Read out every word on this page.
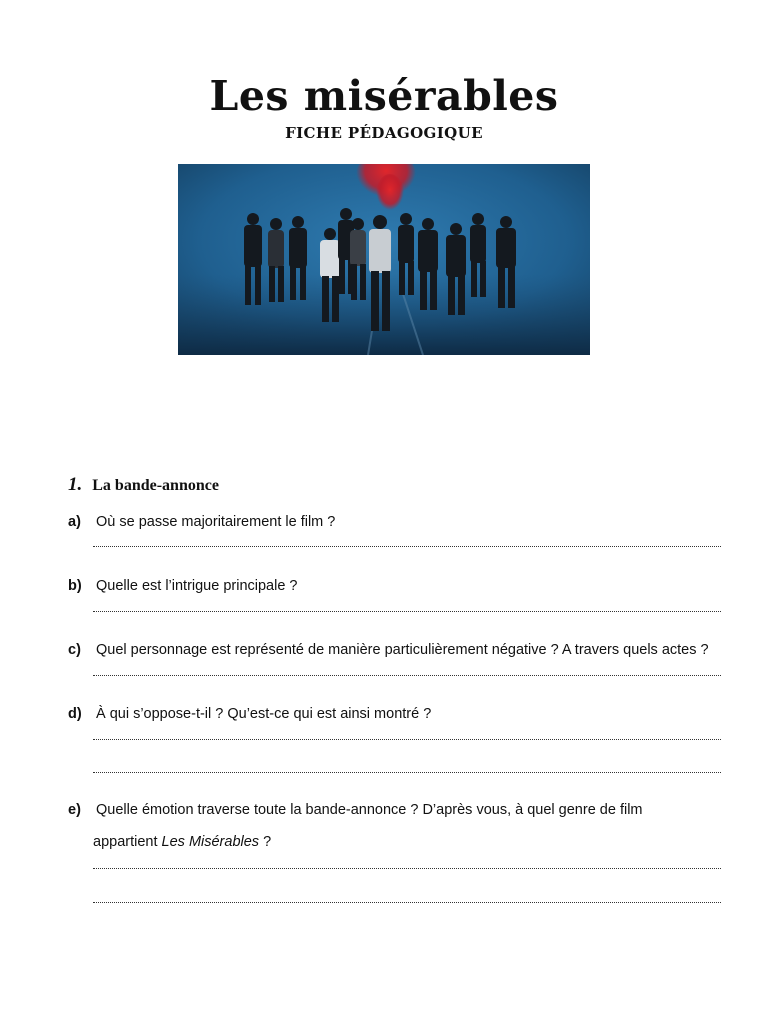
Les misérables
FICHE PÉDAGOGIQUE
1. La bande-annonce
a) Où se passe majoritairement le film ?
b) Quelle est l’intrigue principale ?
c) Quel personnage est représenté de manière particulièrement négative ? A travers quels actes ?
d) À qui s’oppose-t-il ? Qu’est-ce qui est ainsi montré ?
e) Quelle émotion traverse toute la bande-annonce ? D’après vous, à quel genre de film
appartient Les Misérables ?
